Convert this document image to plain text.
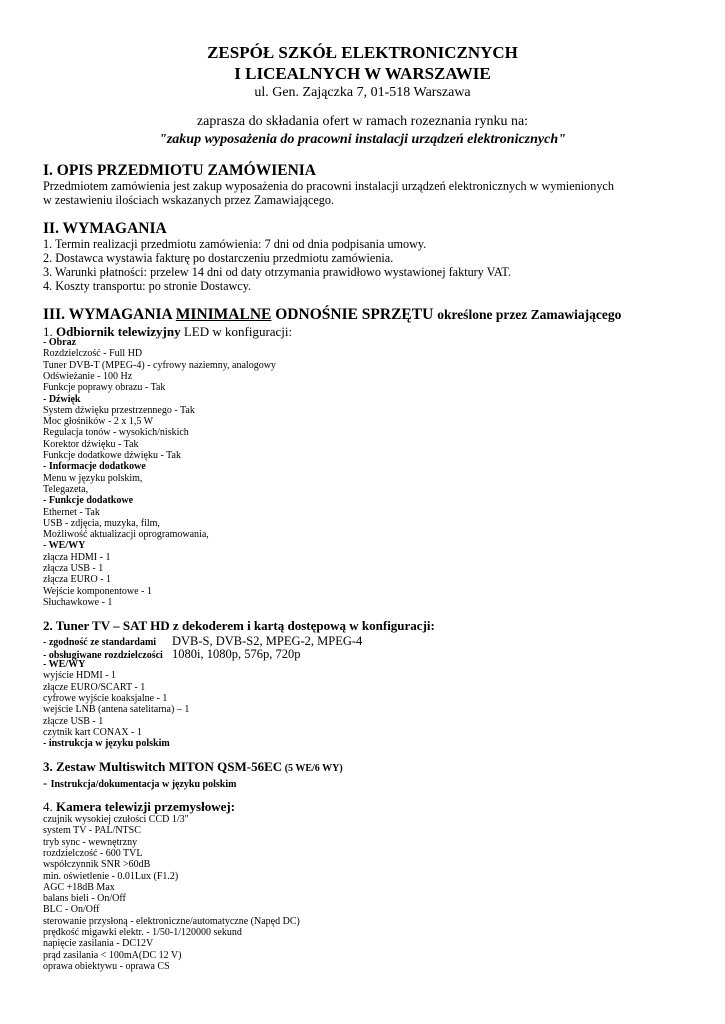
ZESPÓŁ SZKÓŁ ELEKTRONICZNYCH
I LICEALNYCH W WARSZAWIE
ul. Gen. Zajączka 7, 01-518 Warszawa
zaprasza do składania ofert w ramach rozeznania rynku na:
"zakup wyposażenia do pracowni instalacji urządzeń elektronicznych"
I. OPIS PRZEDMIOTU ZAMÓWIENIA
Przedmiotem zamówienia jest zakup wyposażenia do pracowni instalacji urządzeń elektronicznych w wymienionych
w zestawieniu ilościach wskazanych przez Zamawiającego.
II. WYMAGANIA
1. Termin realizacji przedmiotu zamówienia: 7 dni od dnia podpisania umowy.
2. Dostawca wystawia fakturę po dostarczeniu przedmiotu zamówienia.
3. Warunki płatności: przelew 14 dni od daty otrzymania prawidłowo wystawionej faktury VAT.
4. Koszty transportu: po stronie Dostawcy.
III. WYMAGANIA MINIMALNE ODNOŚNIE SPRZĘTU określone przez Zamawiającego
1. Odbiornik telewizyjny LED w konfiguracji:
- Obraz
Rozdzielczość - Full HD
Tuner DVB-T (MPEG-4) - cyfrowy naziemny, analogowy
Odświeżanie - 100 Hz
Funkcje poprawy obrazu - Tak
- Dźwięk
System dźwięku przestrzennego - Tak
Moc głośników - 2 x 1,5 W
Regulacja tonów - wysokich/niskich
Korektor dźwięku - Tak
Funkcje dodatkowe dźwięku - Tak
- Informacje dodatkowe
Menu w języku polskim,
Telegazeta,
- Funkcje dodatkowe
Ethernet - Tak
USB - zdjęcia, muzyka, film,
Możliwość aktualizacji oprogramowania,
- WE/WY
złącza HDMI - 1
złącza USB - 1
złącza EURO - 1
Wejście komponentowe - 1
Słuchawkowe - 1
2. Tuner TV – SAT HD z dekoderem i kartą dostępową w konfiguracji:
- zgodność ze standardami DVB-S, DVB-S2, MPEG-2, MPEG-4
- obsługiwane rozdzielczości 1080i, 1080p, 576p, 720p
- WE/WY
wyjście HDMI - 1
złącze EURO/SCART - 1
cyfrowe wyjście koaksjalne - 1
wejście LNB (antena satelitarna) – 1
złącze USB - 1
czytnik kart CONAX - 1
- instrukcja w języku polskim
3. Zestaw Multiswitch MITON QSM-56EC (5 WE/6 WY)
- Instrukcja/dokumentacja w języku polskim
4. Kamera telewizji przemysłowej:
czujnik wysokiej czułości CCD 1/3"
system TV - PAL/NTSC
tryb sync - wewnętrzny
rozdzielczość - 600 TVL
współczynnik SNR >60dB
min. oświetlenie - 0.01Lux (F1.2)
AGC +18dB Max
balans bieli - On/Off
BLC - On/Off
sterowanie przysłoną - elektroniczne/automatyczne (Napęd DC)
prędkość migawki elektr. - 1/50-1/120000 sekund
napięcie zasilania - DC12V
prąd zasilania < 100mA(DC 12 V)
oprawa obiektywu - oprawa CS
